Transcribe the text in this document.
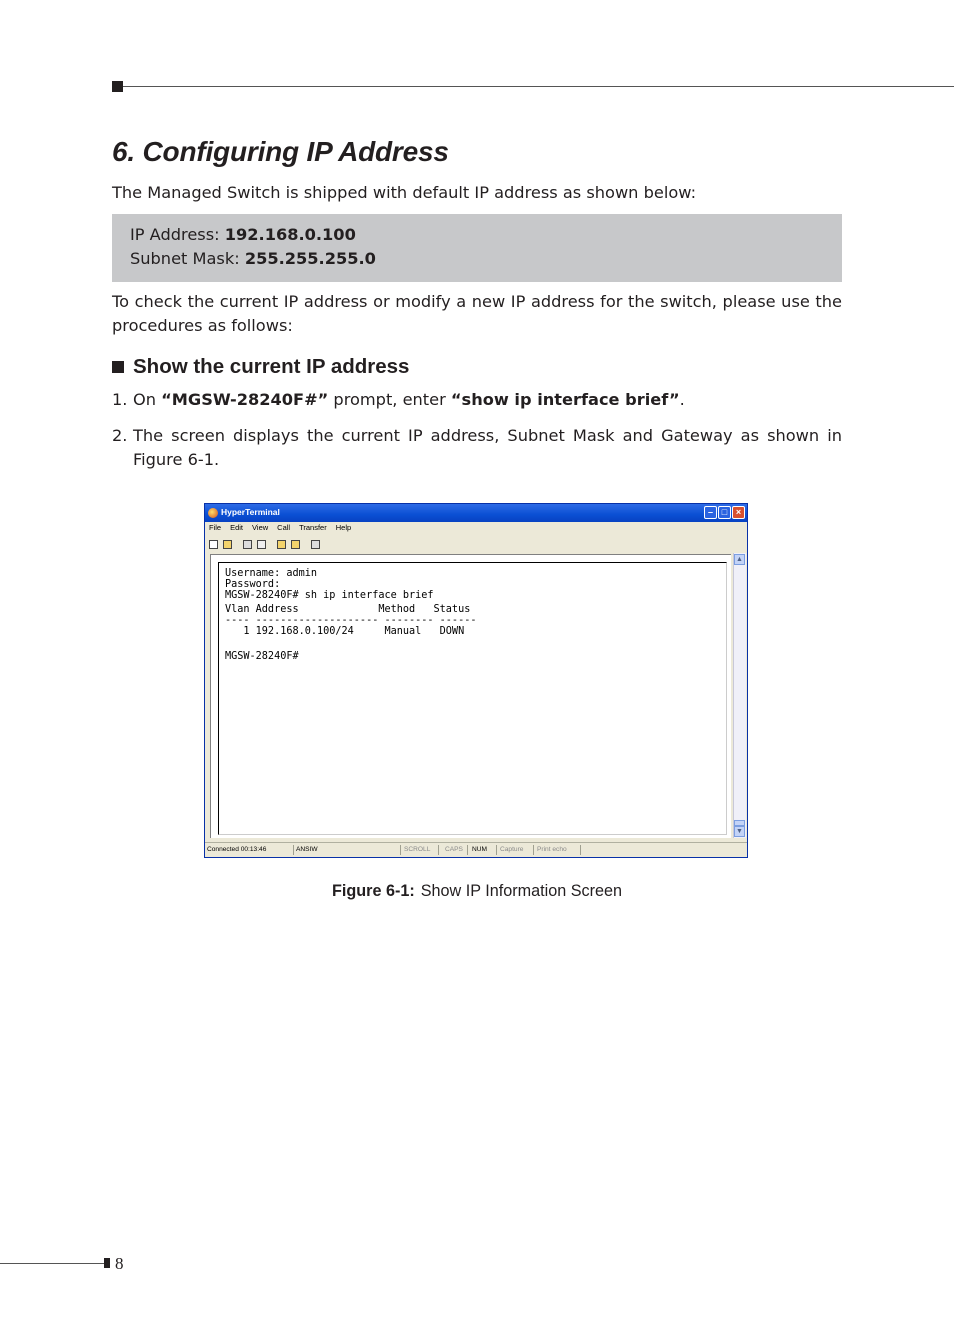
6. Configuring IP Address

The Managed Switch is shipped with default IP address as shown below:

IP Address: 192.168.0.100
Subnet Mask: 255.255.255.0

To check the current IP address or modify a new IP address for the switch, please use the procedures as follows:

Show the current IP address
1. On “MGSW-28240F#” prompt, enter “show ip interface brief”.
2. The screen displays the current IP address, Subnet Mask and Gateway as shown in Figure 6-1.
HyperTerminal	– □ ×
File Edit View Call Transfer Help
Username: admin
Password:
MGSW-28240F# sh ip interface brief
Vlan Address             Method   Status
---- -------------------- -------- ------
1 192.168.0.100/24     Manual   DOWN
MGSW-28240F#
▲
▼
Connected 00:13:46	ANSIW	SCROLL CAPS NUM Capture Print echo
Figure 6-1: Show IP Information Screen
8
